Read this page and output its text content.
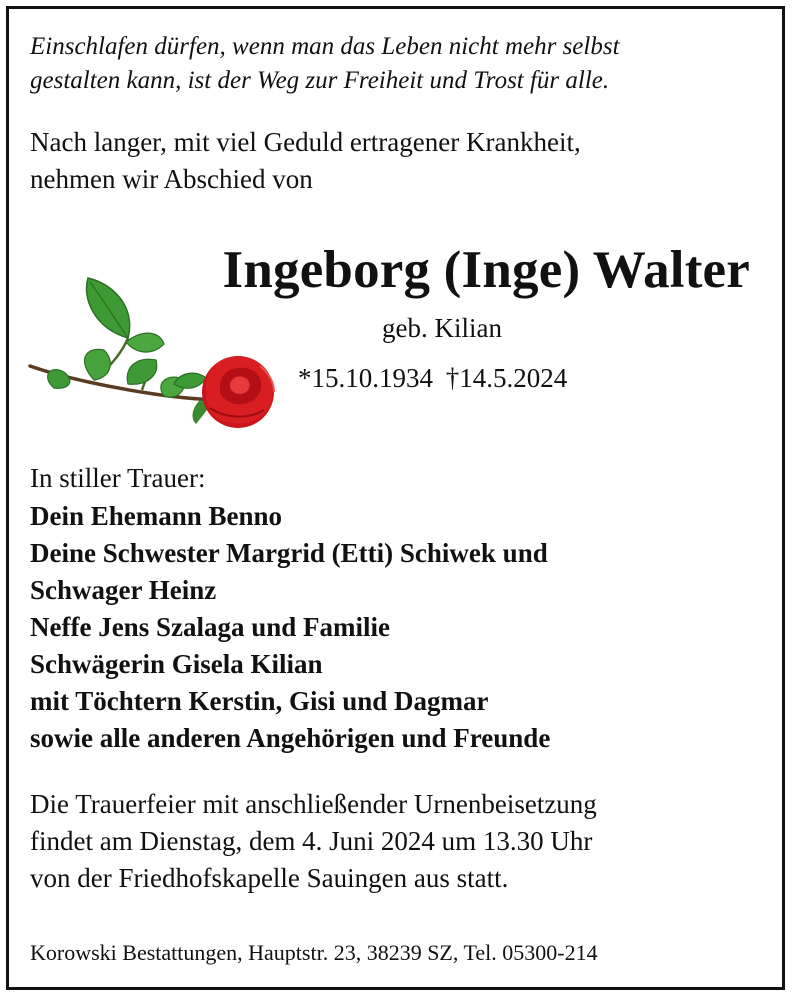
Einschlafen dürfen, wenn man das Leben nicht mehr selbst
gestalten kann, ist der Weg zur Freiheit und Trost für alle.

Nach langer, mit viel Geduld ertragener Krankheit,
nehmen wir Abschied von

Ingeborg (Inge) Walter

geb. Kilian

*15.10.1934 †14.5.2024

In stiller Trauer:

Dein Ehemann Benno
Deine Schwester Margrid (Etti) Schiwek und
Schwager Heinz
Neffe Jens Szalaga und Familie
Schwägerin Gisela Kilian
mit Töchtern Kerstin, Gisi und Dagmar
sowie alle anderen Angehörigen und Freunde

Die Trauerfeier mit anschließender Urnenbeisetzung
findet am Dienstag, dem 4. Juni 2024 um 13.30 Uhr
von der Friedhofskapelle Sauingen aus statt.

Korowski Bestattungen, Hauptstr. 23, 38239 SZ, Tel. 05300-214
